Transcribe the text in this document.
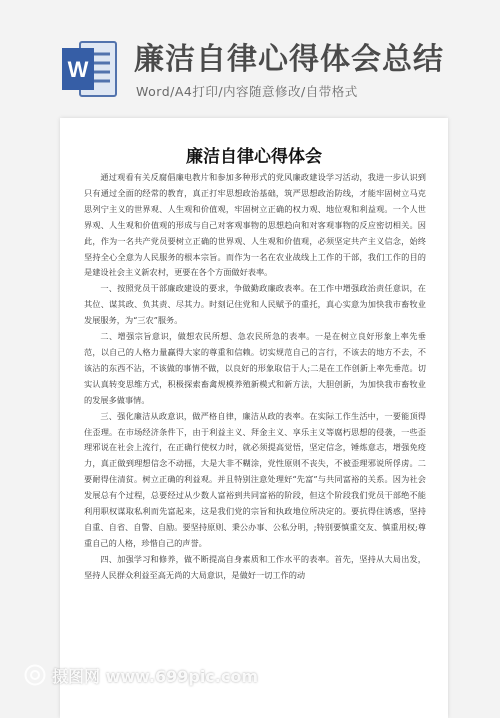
W 廉洁自律心得体会总结
Word/A4打印/内容随意修改/自带格式
廉洁自律心得体会

通过观看有关反腐倡廉电教片和参加多种形式的党风廉政建设学习活动，我进一步认识到只有通过全面的经常的教育，真正打牢思想政治基础，筑严思想政治防线，才能牢固树立马克思列宁主义的世界观、人生观和价值观，牢固树立正确的权力观、地位观和利益观。一个人世界观、人生观和价值观的形成与自己对客观事物的思想趋向和对客观事物的反应密切相关。因此，作为一名共产党员要树立正确的世界观、人生观和价值观，必须坚定共产主义信念，始终坚持全心全意为人民服务的根本宗旨。而作为一名在农业战线上工作的干部，我们工作的目的是建设社会主义新农村，更要在各个方面做好表率。

一、按照党员干部廉政建设的要求，争做勤政廉政表率。在工作中增强政治责任意识，在其位、谋其政、负其责、尽其力。时刻记住党和人民赋予的重托，真心实意为加快我市畜牧业发展服务，为“三农”服务。

二、增强宗旨意识，做想农民所想、急农民所急的表率。一是在树立良好形象上率先垂范，以自己的人格力量赢得大家的尊重和信赖。切实规范自己的言行，不该去的地方不去，不该沾的东西不沾，不该做的事情不做，以良好的形象取信于人;二是在工作创新上率先垂范。切实认真转变思维方式，积极探索畜禽规模养殖新模式和新方法，大胆创新，为加快我市畜牧业的发展多做事情。

三、强化廉洁从政意识，做严格自律，廉洁从政的表率。在实际工作生活中，一要能顶得住歪理。在市场经济条件下，由于利益主义、拜金主义、享乐主义等腐朽思想的侵袭，一些歪理邪说在社会上流行，在正确行使权力时，就必须提高觉悟，坚定信念，锤炼意志，增强免疫力，真正做到理想信念不动摇，大是大非不糊涂，党性原则不丧失，不被歪理邪说所俘虏。二要耐得住清贫。树立正确的利益观。并且特别注意处理好“先富”与共同富裕的关系。因为社会发展总有个过程，总要经过从少数人富裕到共同富裕的阶段，但这个阶段我们党员干部绝不能利用职权谋取私利而先富起来，这是我们党的宗旨和执政地位所决定的。要抗得住诱惑，坚持自重、自省、自警、自励。要坚持原则、秉公办事、公私分明，;特别要慎重交友、慎重用权;尊重自己的人格，珍惜自己的声誉。

四、加强学习和修养，做不断提高自身素质和工作水平的表率。首先，坚持从大局出发，坚持人民群众利益至高无尚的大局意识，是做好一切工作的动

摄图网 www.699pic.com
